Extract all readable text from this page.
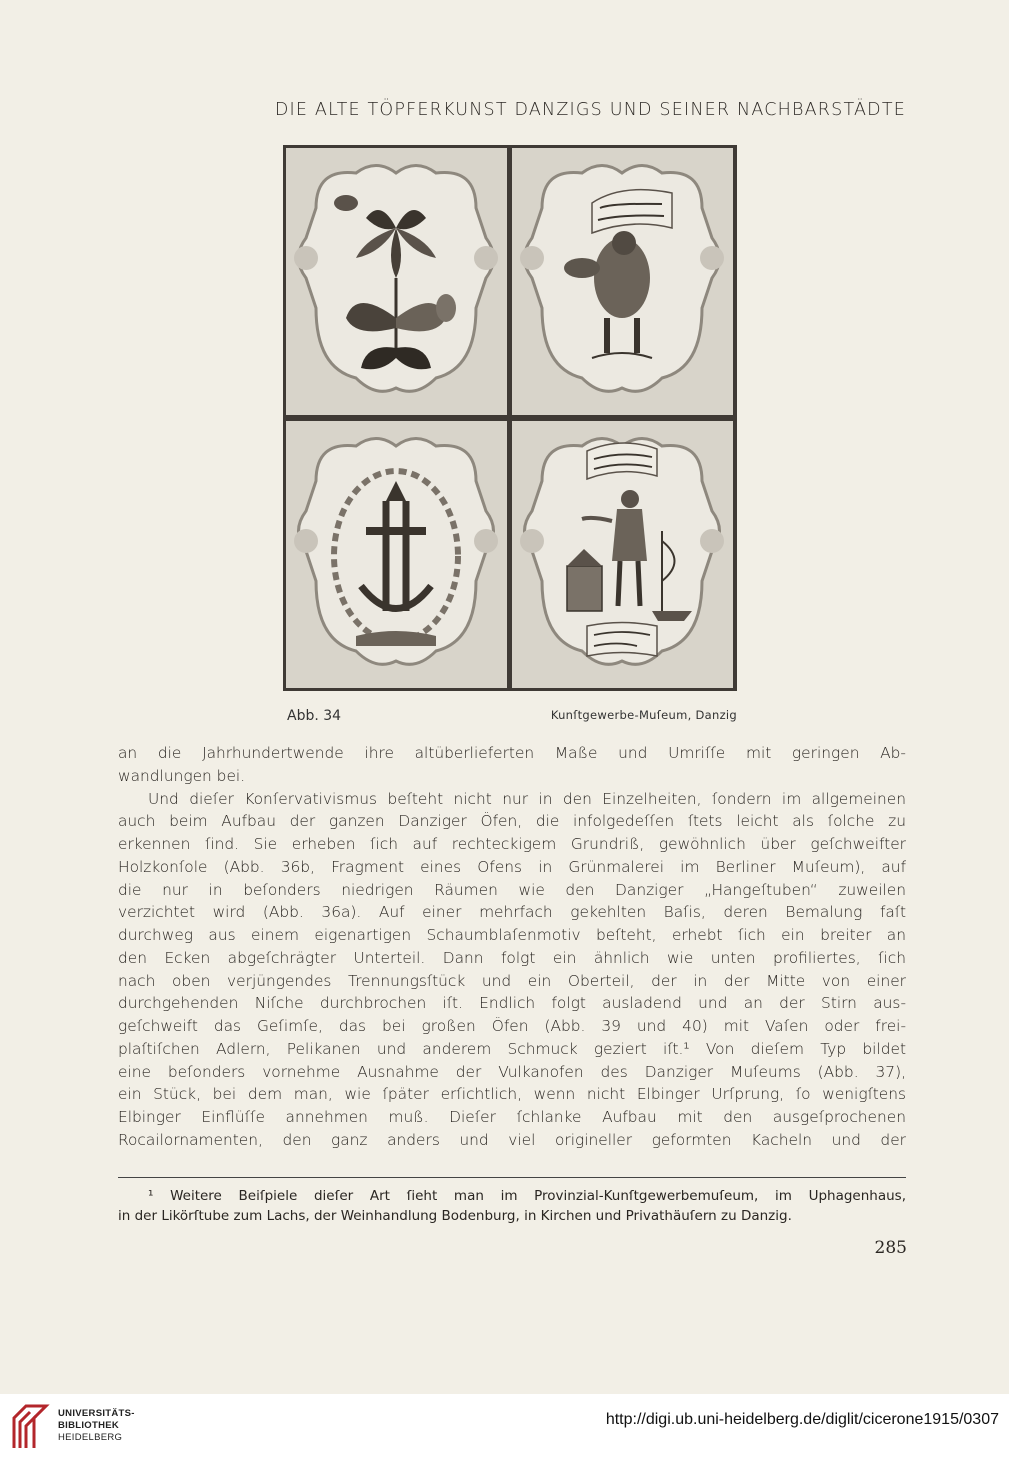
DIE ALTE TÖPFERKUNST DANZIGS UND SEINER NACHBARSTÄDTE
Abb. 34	Kunſtgewerbe-Muſeum, Danzig
an die Jahrhundertwende ihre altüberlieferten Maße und Umriſſe mit geringen Ab-
wandlungen bei.
Und dieſer Konſervativismus beſteht nicht nur in den Einzelheiten, ſondern im allgemeinen
auch beim Aufbau der ganzen Danziger Öfen, die infolgedeſſen ſtets leicht als ſolche zu
erkennen ſind. Sie erheben ſich auf rechteckigem Grundriß, gewöhnlich über geſchweifter
Holzkonſole (Abb. 36b, Fragment eines Ofens in Grünmalerei im Berliner Muſeum), auf
die nur in beſonders niedrigen Räumen wie den Danziger „Hangeſtuben“ zuweilen
verzichtet wird (Abb. 36a). Auf einer mehrfach gekehlten Baſis, deren Bemalung faſt
durchweg aus einem eigenartigen Schaumblaſenmotiv beſteht, erhebt ſich ein breiter an
den Ecken abgeſchrägter Unterteil. Dann folgt ein ähnlich wie unten profiliertes, ſich
nach oben verjüngendes Trennungsſtück und ein Oberteil, der in der Mitte von einer
durchgehenden Niſche durchbrochen iſt. Endlich folgt ausladend und an der Stirn aus-
geſchweift das Geſimſe, das bei großen Öfen (Abb. 39 und 40) mit Vaſen oder frei-
plaſtiſchen Adlern, Pelikanen und anderem Schmuck geziert iſt.¹ Von dieſem Typ bildet
eine beſonders vornehme Ausnahme der Vulkanofen des Danziger Muſeums (Abb. 37),
ein Stück, bei dem man, wie ſpäter erſichtlich, wenn nicht Elbinger Urſprung, ſo wenigſtens
Elbinger Einflüſſe annehmen muß. Dieſer ſchlanke Aufbau mit den ausgeſprochenen
Rocailornamenten, den ganz anders und viel origineller geformten Kacheln und der
¹ Weitere Beiſpiele dieſer Art ſieht man im Provinzial-Kunſtgewerbemuſeum, im Uphagenhaus,
in der Likörſtube zum Lachs, der Weinhandlung Bodenburg, in Kirchen und Privathäuſern zu Danzig.
285
UNIVERSITÄTS-
BIBLIOTHEK
HEIDELBERG
http://digi.ub.uni-heidelberg.de/diglit/cicerone1915/0307
